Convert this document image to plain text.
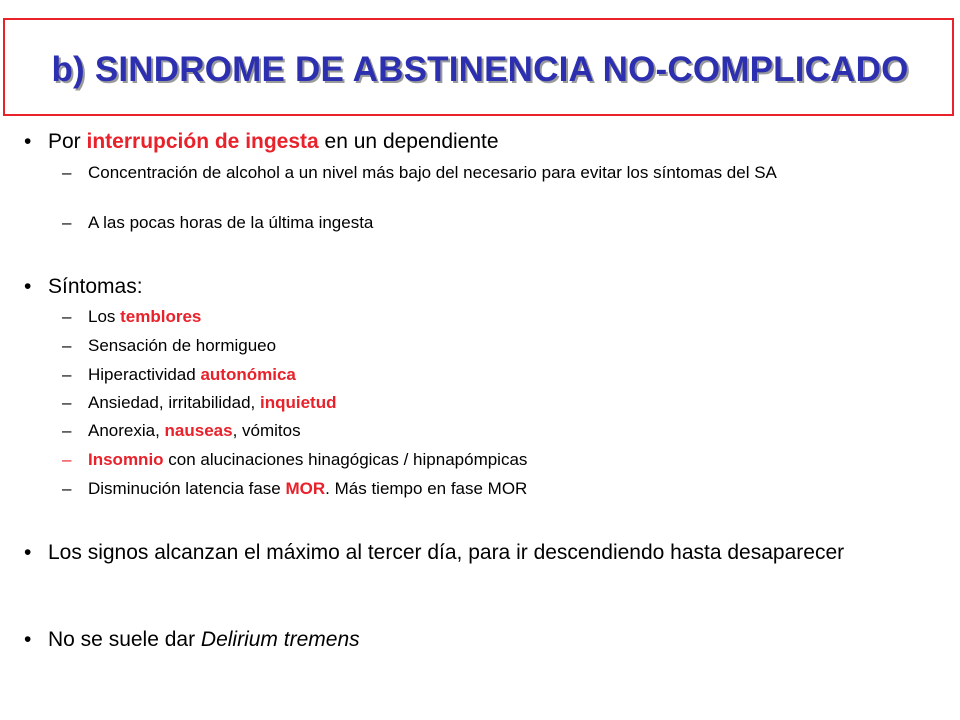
b) SINDROME DE ABSTINENCIA NO-COMPLICADO
• Por interrupción de ingesta en un dependiente
– Concentración de alcohol a un nivel más bajo del necesario para evitar los síntomas del SA
– A las pocas horas de la última ingesta
• Síntomas:
– Los temblores
– Sensación de hormigueo
– Hiperactividad autonómica
– Ansiedad, irritabilidad, inquietud
– Anorexia, nauseas, vómitos
– Insomnio con alucinaciones hinagógicas / hipnapómpicas
– Disminución latencia fase MOR. Más tiempo en fase MOR
• Los signos alcanzan el máximo al tercer día, para ir descendiendo hasta desaparecer
• No se suele dar Delirium tremens
